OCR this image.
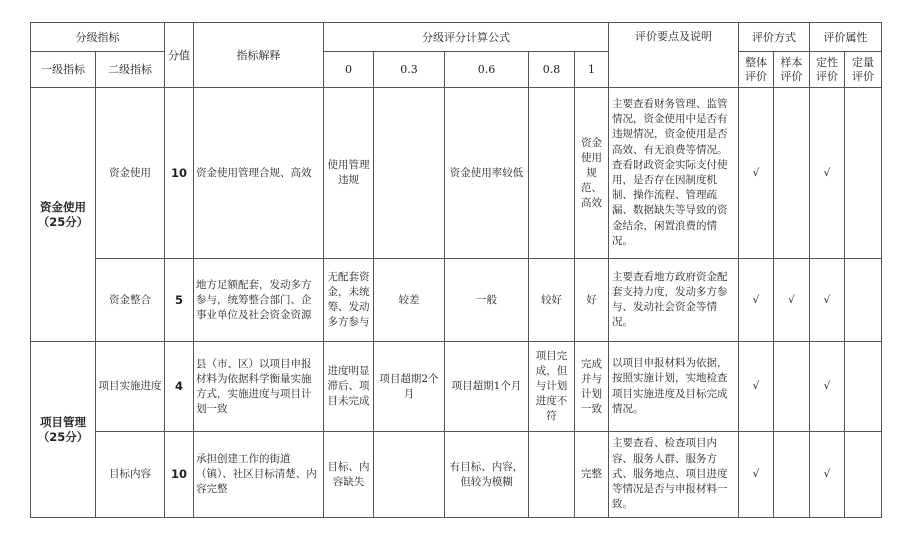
分级指标		分值	指标解释	分级评分计算公式					评价要点及说明	评价方式		评价属性	
一级指标	二级指标			0	0.3	0.6	0.8	1		整体评价	样本评价	定性评价	定量评价
资金使用（25分）	资金使用	10	资金使用管理合规、高效	使用管理违规		资金使用率较低		资金使用规范、高效	主要查看财务管理、监管情况，资金使用中是否有违规情况，资金使用是否高效、有无浪费等情况。查看財政资金实际支付使用，是否存在因制度机制、操作流程、管理疏漏、数据缺失等导致的资金结余，闲置浪费的情况。	√		√	
	资金整合	5	地方足额配套，发动多方参与，统筹整合部门、企事业单位及社会资金资源	无配套资金，未统筹、发动多方参与	较差	一般	较好	好	主要查看地方政府资金配套支持力度，发动多方参与、发动社会资金等情况。	√	√	√	
项目管理（25分）	项目实施进度	4	县（市、区）以项目申报材料为依据科学衡量实施方式，实施进度与项目计划一致	进度明显滞后、项目未完成	项目超期2个月	项目超期1个月	项目完成，但与计划进度不符	完成并与计划一致	以项目申报材料为依据，按照实施计划，实地检查项目实施进度及目标完成情况。	√		√	
	目标内容	10	承担创建工作的街道（镇）、社区目标清楚、内容完整	目标、内容缺失		有目标、内容，但较为模糊		完整	主要查看、检查项目内容、服务人群、服务方式、服务地点、项目进度等情况是否与申报材料一致。	√		√	
